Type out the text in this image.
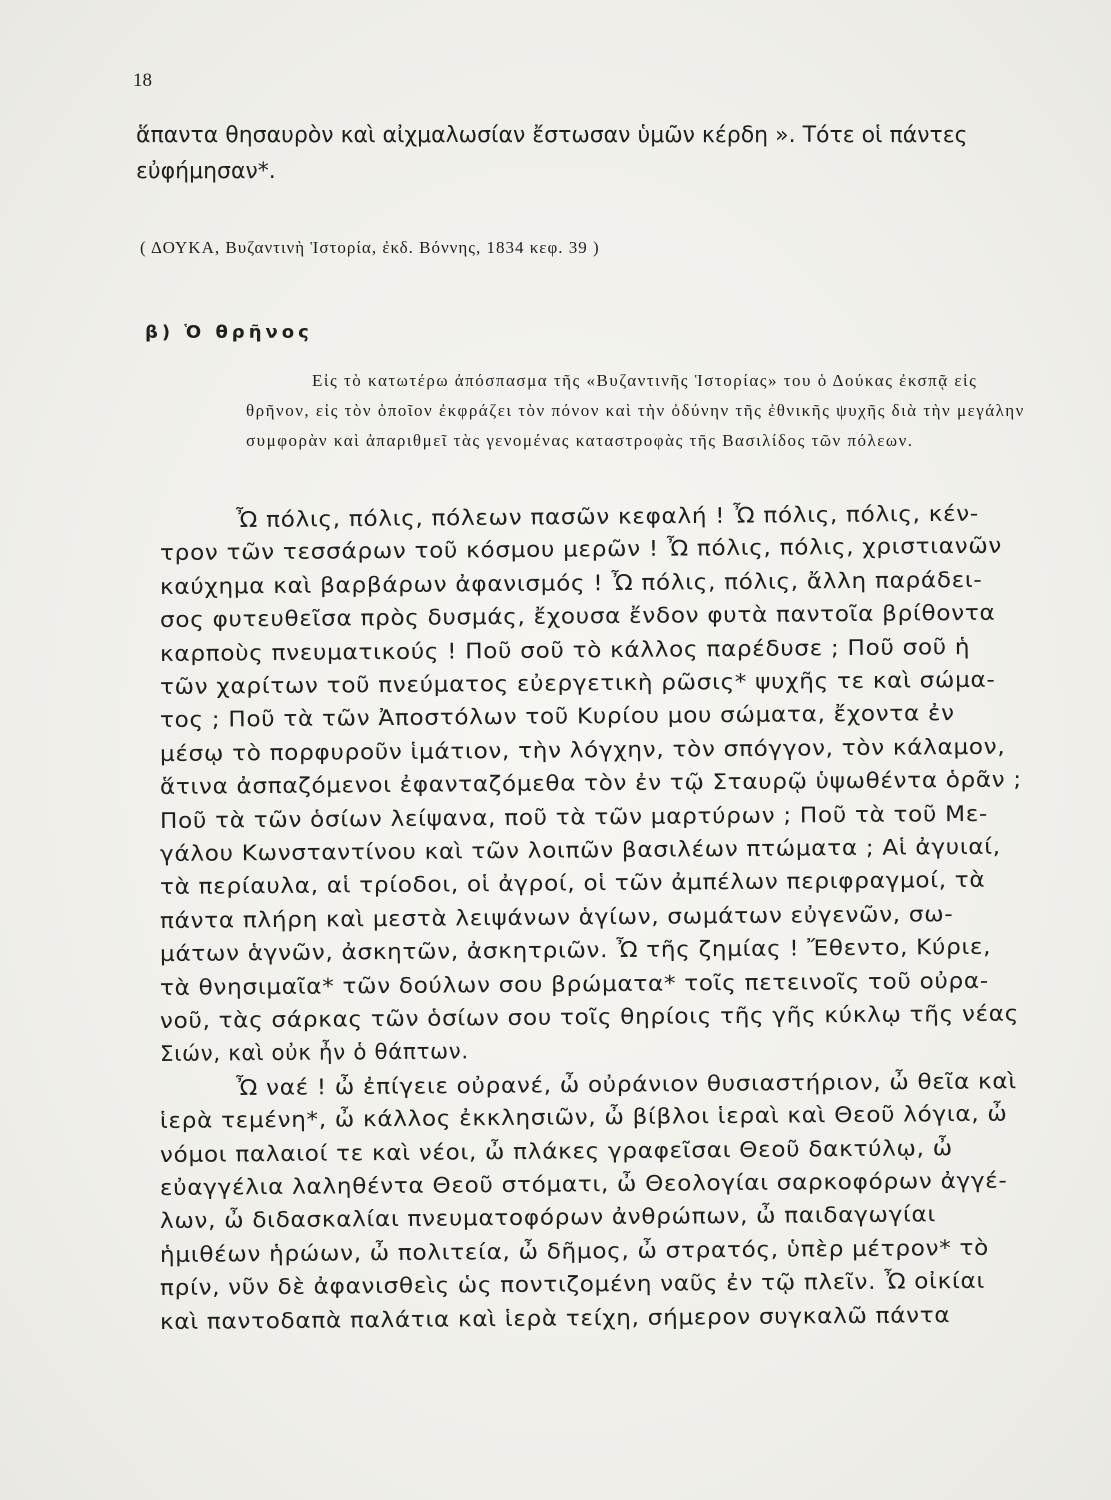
18

ἅπαντα θησαυρὸν καὶ αἰχμαλωσίαν ἔστωσαν ὑμῶν κέρδη ». Τότε οἱ πάντες εὐφήμησαν*.

( ΔΟΥΚΑ, Βυζαντινὴ Ἱστορία, ἐκδ. Βόννης, 1834 κεφ. 39 )
β) Ὁ θρῆνος

Εἰς τὸ κατωτέρω ἀπόσπασμα τῆς «Βυζαντινῆς Ἱστορίας» του ὁ Δούκας ἐκσπᾷ εἰς θρῆνον, εἰς τὸν ὁποῖον ἐκφράζει τὸν πόνον καὶ τὴν ὀδύνην τῆς ἐθνικῆς ψυχῆς διὰ τὴν μεγάλην συμφορὰν καὶ ἀπαριθμεῖ τὰς γενομένας καταστροφὰς τῆς Βασιλίδος τῶν πόλεων.

Ὦ πόλις, πόλις, πόλεων πασῶν κεφαλή ! Ὦ πόλις, πόλις, κέν-
τρον τῶν τεσσάρων τοῦ κόσμου μερῶν ! Ὦ πόλις, πόλις, χριστιανῶν
καύχημα καὶ βαρβάρων ἀφανισμός ! Ὦ πόλις, πόλις, ἄλλη παράδει-
σος φυτευθεῖσα πρὸς δυσμάς, ἔχουσα ἔνδον φυτὰ παντοῖα βρίθοντα
καρποὺς πνευματικούς ! Ποῦ σοῦ τὸ κάλλος παρέδυσε ; Ποῦ σοῦ ἡ
τῶν χαρίτων τοῦ πνεύματος εὐεργετικὴ ρῶσις* ψυχῆς τε καὶ σώμα-
τος ; Ποῦ τὰ τῶν Ἀποστόλων τοῦ Κυρίου μου σώματα, ἔχοντα ἐν
μέσῳ τὸ πορφυροῦν ἱμάτιον, τὴν λόγχην, τὸν σπόγγον, τὸν κάλαμον,
ἅτινα ἀσπαζόμενοι ἐφανταζόμεθα τὸν ἐν τῷ Σταυρῷ ὑψωθέντα ὁρᾶν ;
Ποῦ τὰ τῶν ὁσίων λείψανα, ποῦ τὰ τῶν μαρτύρων ; Ποῦ τὰ τοῦ Με-
γάλου Κωνσταντίνου καὶ τῶν λοιπῶν βασιλέων πτώματα ; Αἱ ἀγυιαί,
τὰ περίαυλα, αἱ τρίοδοι, οἱ ἀγροί, οἱ τῶν ἀμπέλων περιφραγμοί, τὰ
πάντα πλήρη καὶ μεστὰ λειψάνων ἁγίων, σωμάτων εὐγενῶν, σω-
μάτων ἁγνῶν, ἀσκητῶν, ἀσκητριῶν. Ὦ τῆς ζημίας ! Ἔθεντο, Κύριε,
τὰ θνησιμαῖα* τῶν δούλων σου βρώματα* τοῖς πετεινοῖς τοῦ οὐρα-
νοῦ, τὰς σάρκας τῶν ὁσίων σου τοῖς θηρίοις τῆς γῆς κύκλῳ τῆς νέας
Σιών, καὶ οὐκ ἦν ὁ θάπτων.
Ὦ ναέ ! ὦ ἐπίγειε οὐρανέ, ὦ οὐράνιον θυσιαστήριον, ὦ θεῖα καὶ
ἱερὰ τεμένη*, ὦ κάλλος ἐκκλησιῶν, ὦ βίβλοι ἱεραὶ καὶ Θεοῦ λόγια, ὦ
νόμοι παλαιοί τε καὶ νέοι, ὦ πλάκες γραφεῖσαι Θεοῦ δακτύλῳ, ὦ
εὐαγγέλια λαληθέντα Θεοῦ στόματι, ὦ Θεολογίαι σαρκοφόρων ἀγγέ-
λων, ὦ διδασκαλίαι πνευματοφόρων ἀνθρώπων, ὦ παιδαγωγίαι
ἡμιθέων ἡρώων, ὦ πολιτεία, ὦ δῆμος, ὦ στρατός, ὑπὲρ μέτρον* τὸ
πρίν, νῦν δὲ ἀφανισθεὶς ὡς ποντιζομένη ναῦς ἐν τῷ πλεῖν. Ὦ οἰκίαι
καὶ παντοδαπὰ παλάτια καὶ ἱερὰ τείχη, σήμερον συγκαλῶ πάντα
